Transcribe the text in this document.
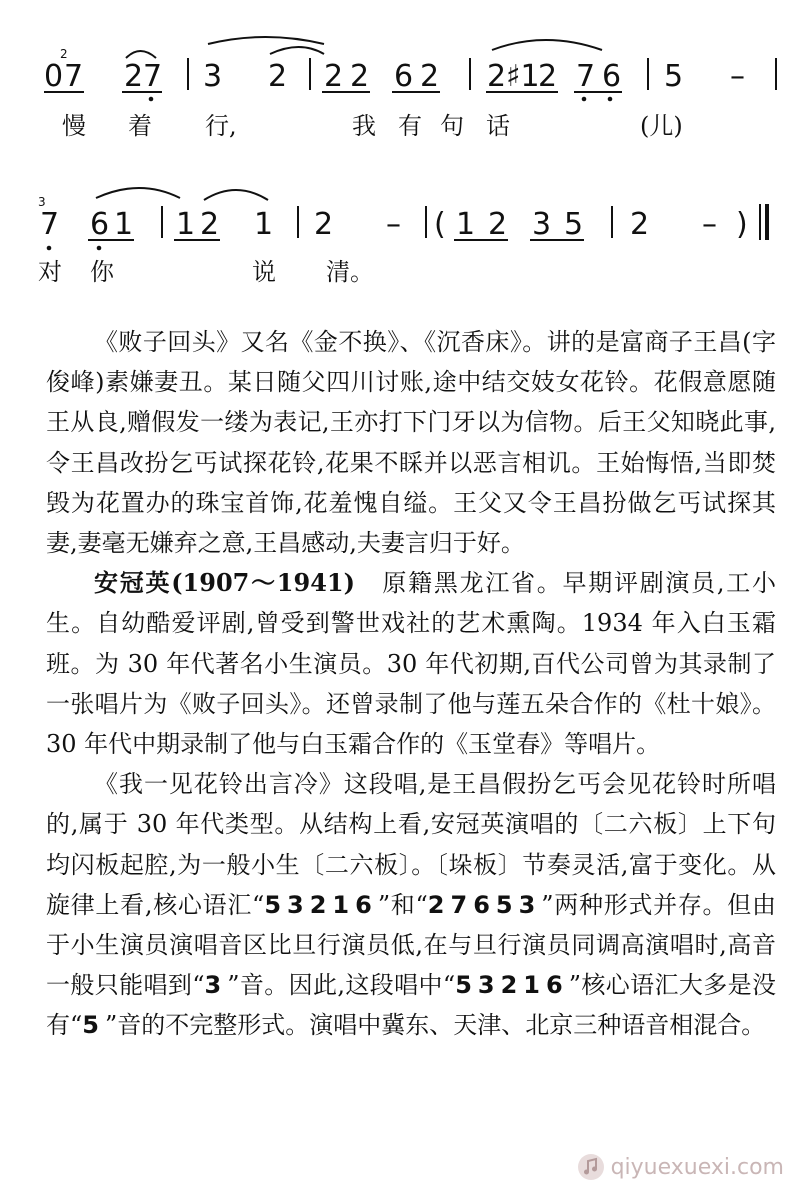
2
0 7 2 7 3 2 2 2 6 2 2 ♯1
2 7 6 5 –
慢 着 行,	我 有 句 话	(儿)
3
7 6 1 1 2 1 2 – ( 1 2 3 5 2 – )
对 你	说 清。

《败子回头》又名《金不换》、《沉香床》。讲的是富商子王昌(字俊峰)素嫌妻丑。某日随父四川讨账,途中结交妓女花铃。花假意愿随王从良,赠假发一缕为表记,王亦打下门牙以为信物。后王父知晓此事,令王昌改扮乞丐试探花铃,花果不睬并以恶言相讥。王始悔悟,当即焚毁为花置办的珠宝首饰,花羞愧自缢。王父又令王昌扮做乞丐试探其妻,妻毫无嫌弃之意,王昌感动,夫妻言归于好。

安冠英(1907～1941)　原籍黑龙江省。早期评剧演员,工小生。自幼酷爱评剧,曾受到警世戏社的艺术熏陶。1934 年入白玉霜班。为 30 年代著名小生演员。30 年代初期,百代公司曾为其录制了一张唱片为《败子回头》。还曾录制了他与莲五朵合作的《杜十娘》。30 年代中期录制了他与白玉霜合作的《玉堂春》等唱片。

《我一见花铃出言冷》这段唱,是王昌假扮乞丐会见花铃时所唱的,属于 30 年代类型。从结构上看,安冠英演唱的〔二六板〕上下句均闪板起腔,为一般小生〔二六板〕。〔垛板〕节奏灵活,富于变化。从旋律上看,核心语汇“53216”和“27653”两种形式并存。但由于小生演员演唱音区比旦行演员低,在与旦行演员同调高演唱时,高音一般只能唱到“3”音。因此,这段唱中“53216”核心语汇大多是没有“5”音的不完整形式。演唱中冀东、天津、北京三种语音相混合。

qiyuexuexi.com
